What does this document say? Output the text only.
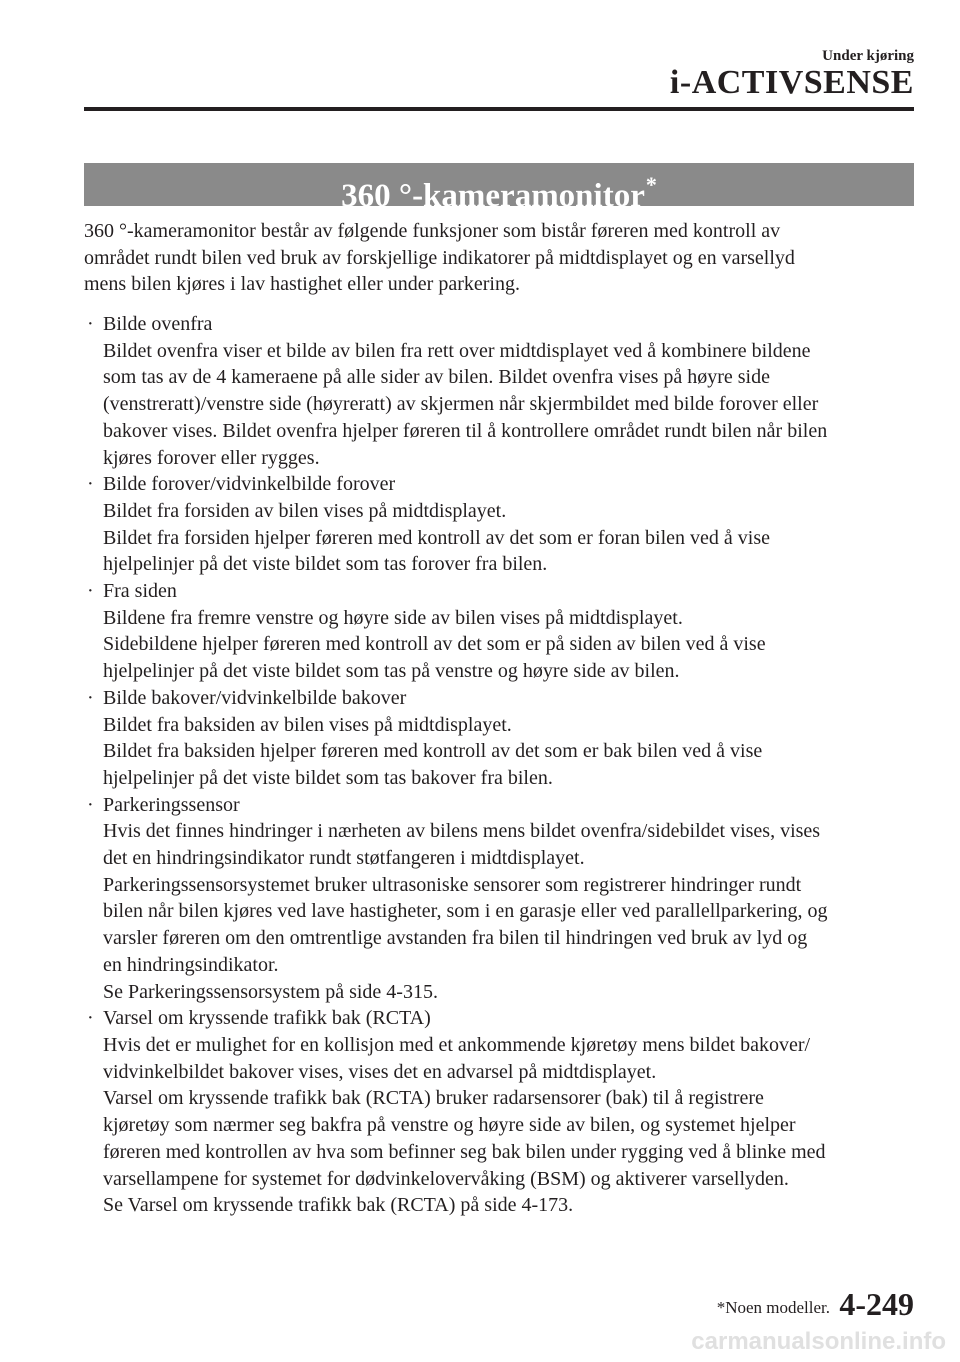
Under kjøring
i-ACTIVSENSE
360 °-kameramonitor*

360 °-kameramonitor består av følgende funksjoner som bistår føreren med kontroll av
området rundt bilen ved bruk av forskjellige indikatorer på midtdisplayet og en varsellyd
mens bilen kjøres i lav hastighet eller under parkering.

· Bilde ovenfra
Bildet ovenfra viser et bilde av bilen fra rett over midtdisplayet ved å kombinere bildene
som tas av de 4 kameraene på alle sider av bilen. Bildet ovenfra vises på høyre side
(venstreratt)/venstre side (høyreratt) av skjermen når skjermbildet med bilde forover eller
bakover vises. Bildet ovenfra hjelper føreren til å kontrollere området rundt bilen når bilen
kjøres forover eller rygges.
· Bilde forover/vidvinkelbilde forover
Bildet fra forsiden av bilen vises på midtdisplayet.
Bildet fra forsiden hjelper føreren med kontroll av det som er foran bilen ved å vise
hjelpelinjer på det viste bildet som tas forover fra bilen.
· Fra siden
Bildene fra fremre venstre og høyre side av bilen vises på midtdisplayet.
Sidebildene hjelper føreren med kontroll av det som er på siden av bilen ved å vise
hjelpelinjer på det viste bildet som tas på venstre og høyre side av bilen.
· Bilde bakover/vidvinkelbilde bakover
Bildet fra baksiden av bilen vises på midtdisplayet.
Bildet fra baksiden hjelper føreren med kontroll av det som er bak bilen ved å vise
hjelpelinjer på det viste bildet som tas bakover fra bilen.
· Parkeringssensor
Hvis det finnes hindringer i nærheten av bilens mens bildet ovenfra/sidebildet vises, vises
det en hindringsindikator rundt støtfangeren i midtdisplayet.
Parkeringssensorsystemet bruker ultrasoniske sensorer som registrerer hindringer rundt
bilen når bilen kjøres ved lave hastigheter, som i en garasje eller ved parallellparkering, og
varsler føreren om den omtrentlige avstanden fra bilen til hindringen ved bruk av lyd og
en hindringsindikator.
Se Parkeringssensorsystem på side 4-315.
· Varsel om kryssende trafikk bak (RCTA)
Hvis det er mulighet for en kollisjon med et ankommende kjøretøy mens bildet bakover/
vidvinkelbildet bakover vises, vises det en advarsel på midtdisplayet.
Varsel om kryssende trafikk bak (RCTA) bruker radarsensorer (bak) til å registrere
kjøretøy som nærmer seg bakfra på venstre og høyre side av bilen, og systemet hjelper
føreren med kontrollen av hva som befinner seg bak bilen under rygging ved å blinke med
varsellampene for systemet for dødvinkelovervåking (BSM) og aktiverer varsellyden.
Se Varsel om kryssende trafikk bak (RCTA) på side 4-173.
*Noen modeller. 4-249
carmanualsonline.info
